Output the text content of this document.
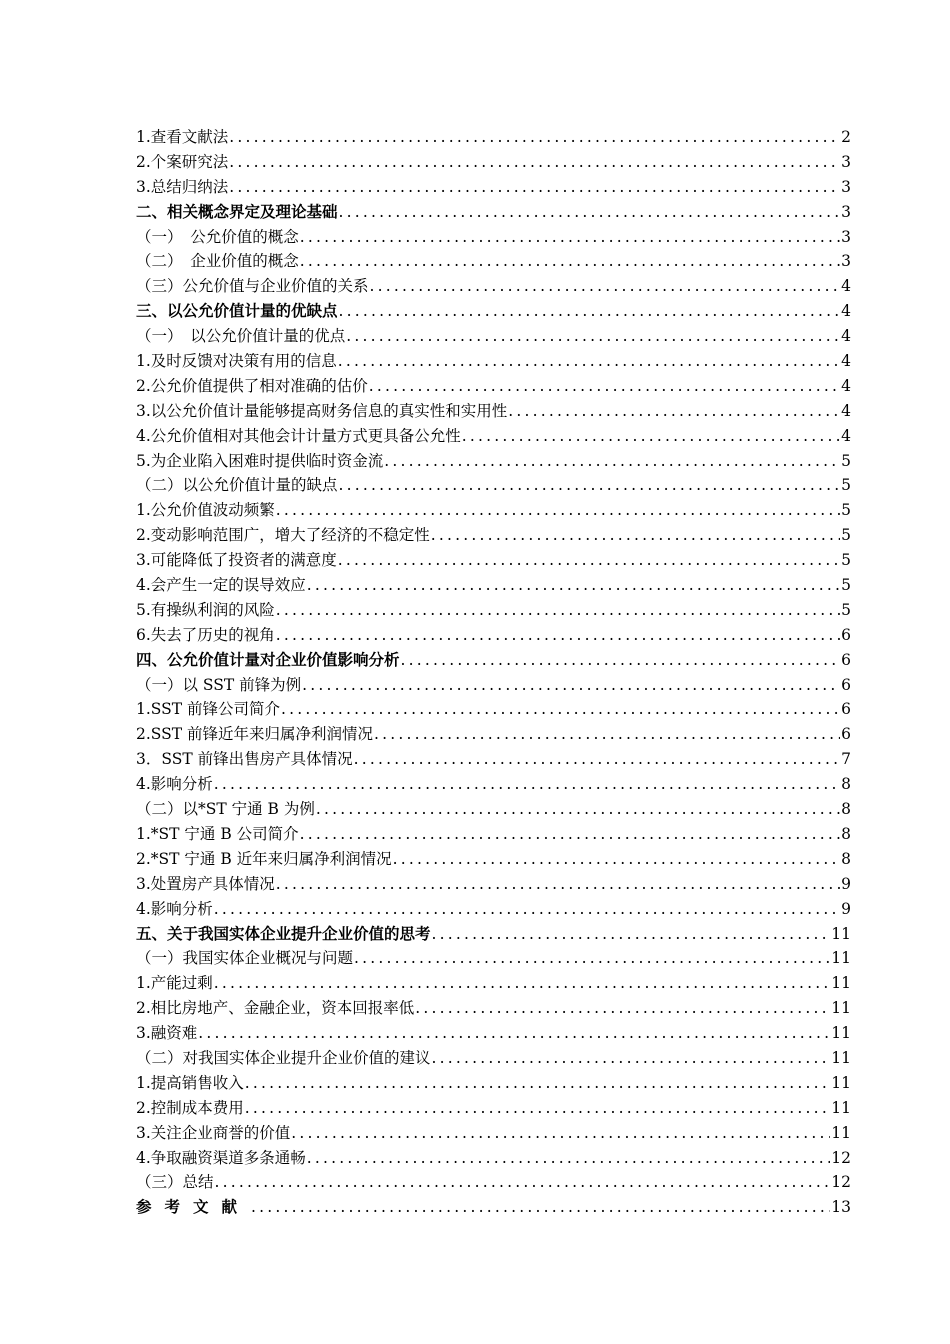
1.查看文献法 .....	2
2.个案研究法 .....	3
3.总结归纳法 .....	3
二、相关概念界定及理论基础 .....	3
（一）　公允价值的概念 .....	3
（二）　企业价值的概念 .....	3
（三）公允价值与企业价值的关系 .....	4
三、以公允价值计量的优缺点 .....	4
（一）　以公允价值计量的优点 .....	4
1.及时反馈对决策有用的信息 .....	4
2.公允价值提供了相对准确的估价 .....	4
3.以公允价值计量能够提高财务信息的真实性和实用性 .....	4
4.公允价值相对其他会计计量方式更具备公允性 .....	4
5.为企业陷入困难时提供临时资金流 .....	5
（二）以公允价值计量的缺点 .....	5
1.公允价值波动频繁 .....	5
2.变动影响范围广，增大了经济的不稳定性 .....	5
3.可能降低了投资者的满意度 .....	5
4.会产生一定的误导效应 .....	5
5.有操纵利润的风险 .....	5
6.失去了历史的视角 .....	6
四、公允价值计量对企业价值影响分析 .....	6
（一）以 SST 前锋为例 .....	6
1.SST 前锋公司简介 .....	6
2.SST 前锋近年来归属净利润情况 .....	6
3．SST 前锋出售房产具体情况 .....	7
4.影响分析 .....	8
（二）以*ST 宁通 B 为例 .....	8
1.*ST 宁通 B 公司简介 .....	8
2.*ST 宁通 B 近年来归属净利润情况 .....	8
3.处置房产具体情况 .....	9
4.影响分析 .....	9
五、关于我国实体企业提升企业价值的思考 .....	11
（一）我国实体企业概况与问题 .....	11
1.产能过剩 .....	11
2.相比房地产、金融企业，资本回报率低 .....	11
3.融资难 .....	11
（二）对我国实体企业提升企业价值的建议 .....	11
1.提高销售收入 .....	11
2.控制成本费用 .....	11
3.关注企业商誉的价值 .....	11
4.争取融资渠道多条通畅 .....	12
（三）总结 .....	12
参考文献 .....	13
